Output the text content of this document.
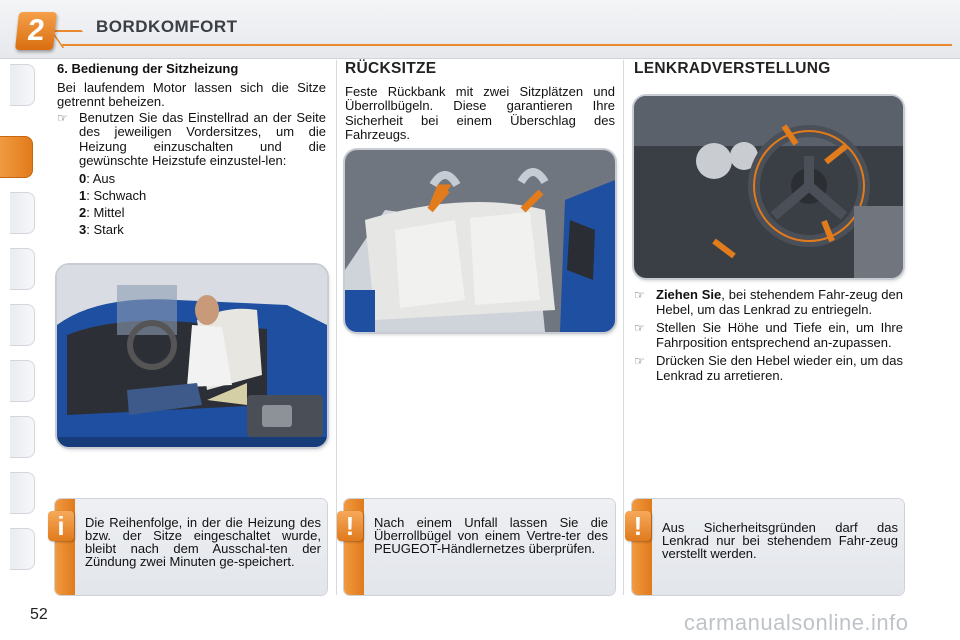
2	BORDKOMFORT

6. Bedienung der Sitzheizung

Bei laufendem Motor lassen sich die Sitze getrennt beheizen.

☞ Benutzen Sie das Einstellrad an der Seite des jeweiligen Vordersitzes, um die Heizung einzuschalten und die gewünschte Heizstufe einzustel-len:
0: Aus
1: Schwach
2: Mittel
3: Stark

RÜCKSITZE

Feste Rückbank mit zwei Sitzplätzen und Überrollbügeln. Diese garantieren Ihre Sicherheit bei einem Überschlag des Fahrzeugs.

LENKRADVERSTELLUNG

☞ Ziehen Sie, bei stehendem Fahr-zeug den Hebel, um das Lenkrad zu entriegeln.
☞ Stellen Sie Höhe und Tiefe ein, um Ihre Fahrposition entsprechend an-zupassen.
☞ Drücken Sie den Hebel wieder ein, um das Lenkrad zu arretieren.
i	Die Reihenfolge, in der die Heizung des bzw. der Sitze eingeschaltet wurde, bleibt nach dem Ausschal-ten der Zündung zwei Minuten ge-speichert.
!	Nach einem Unfall lassen Sie die Überrollbügel von einem Vertre-ter des PEUGEOT-Händlernetzes überprüfen.
!	Aus Sicherheitsgründen darf das Lenkrad nur bei stehendem Fahr-zeug verstellt werden.
52	carmanualsonline.info
